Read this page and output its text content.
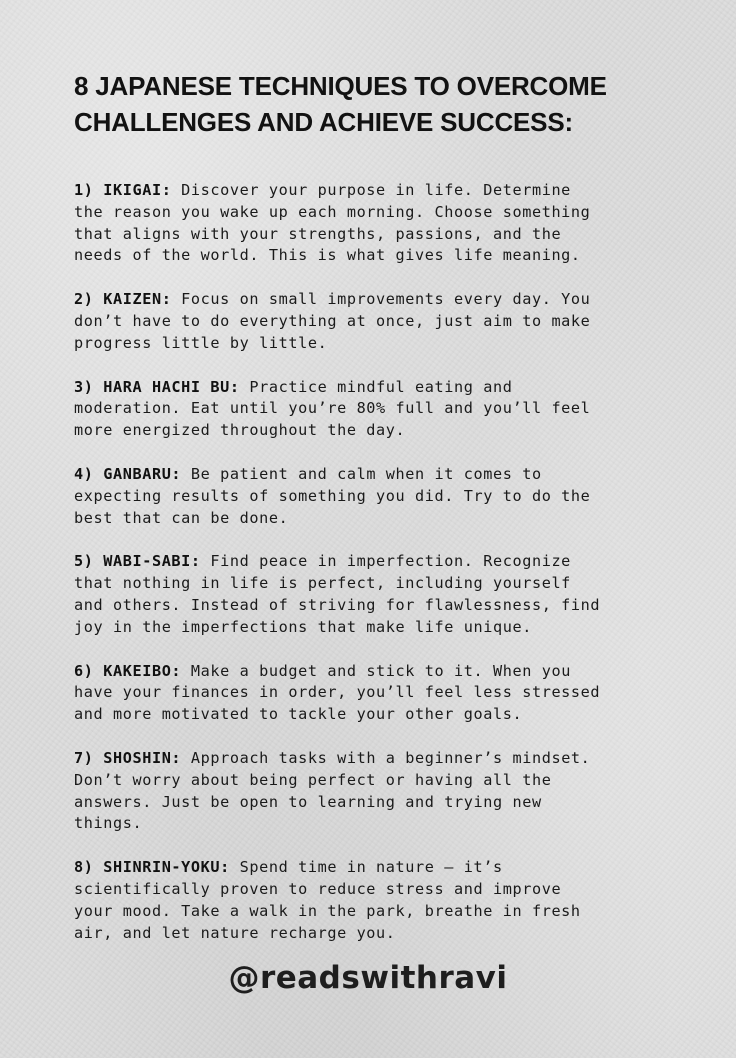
8 JAPANESE TECHNIQUES TO OVERCOME
CHALLENGES AND ACHIEVE SUCCESS:

1) IKIGAI: Discover your purpose in life. Determine
the reason you wake up each morning. Choose something
that aligns with your strengths, passions, and the
needs of the world. This is what gives life meaning.

2) KAIZEN: Focus on small improvements every day. You
don’t have to do everything at once, just aim to make
progress little by little.

3) HARA HACHI BU: Practice mindful eating and
moderation. Eat until you’re 80% full and you’ll feel
more energized throughout the day.

4) GANBARU: Be patient and calm when it comes to
expecting results of something you did. Try to do the
best that can be done.

5) WABI-SABI: Find peace in imperfection. Recognize
that nothing in life is perfect, including yourself
and others. Instead of striving for flawlessness, find
joy in the imperfections that make life unique.

6) KAKEIBO: Make a budget and stick to it. When you
have your finances in order, you’ll feel less stressed
and more motivated to tackle your other goals.

7) SHOSHIN: Approach tasks with a beginner’s mindset.
Don’t worry about being perfect or having all the
answers. Just be open to learning and trying new
things.

8) SHINRIN-YOKU: Spend time in nature – it’s
scientifically proven to reduce stress and improve
your mood. Take a walk in the park, breathe in fresh
air, and let nature recharge you.

@readswithravi
